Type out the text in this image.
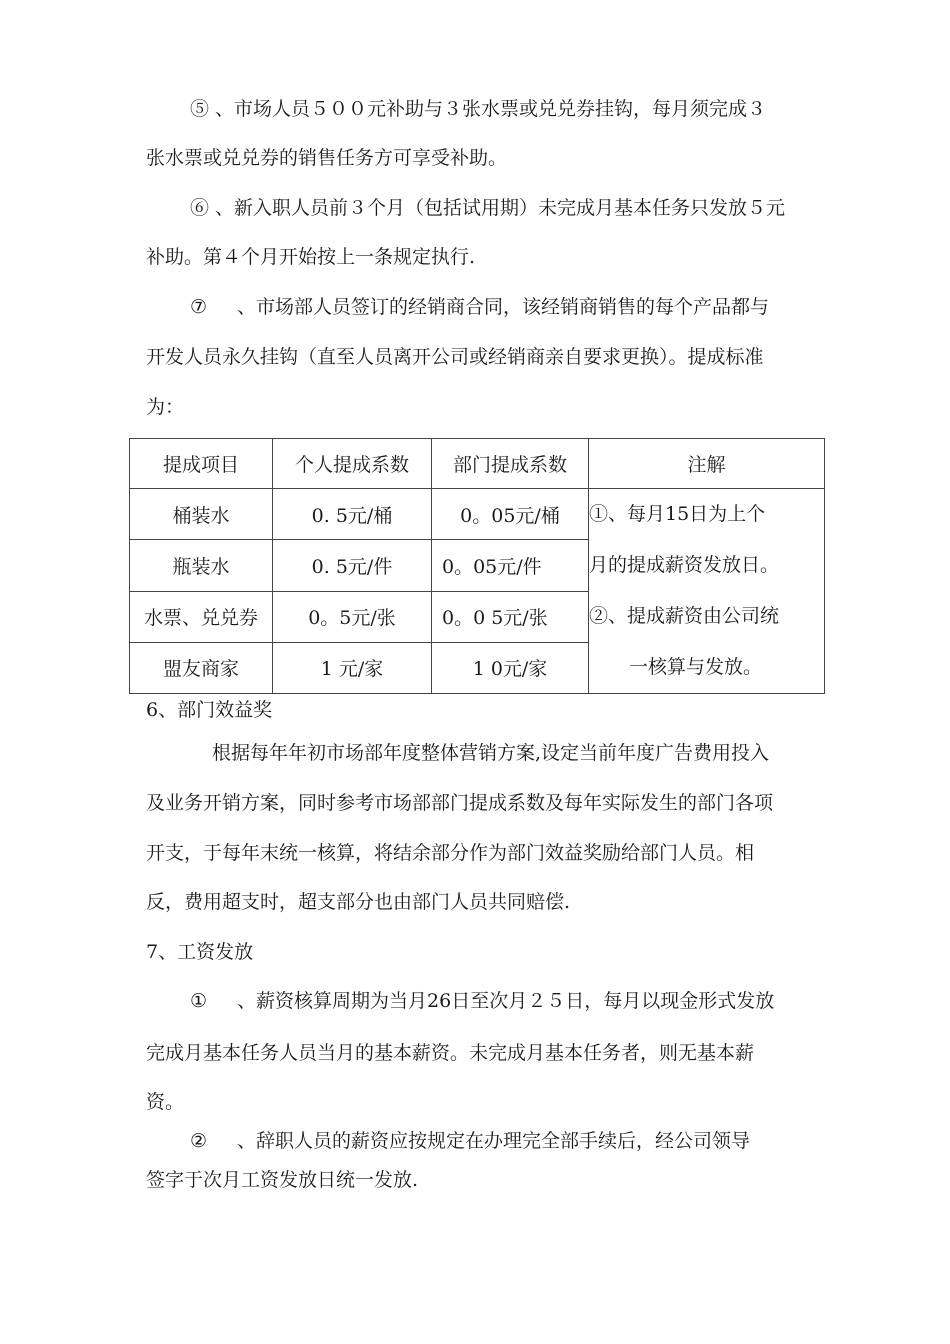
⑤ 、市场人员５００元补助与３张水票或兑兑券挂钩，每月须完成３
张水票或兑兑券的销售任务方可享受补助。
⑥ 、新入职人员前３个月（包括试用期）未完成月基本任务只发放５元
补助。第４个月开始按上一条规定执行.
⑦ 、市场部人员签订的经销商合同，该经销商销售的每个产品都与
开发人员永久挂钩（直至人员离开公司或经销商亲自要求更换）。提成标准
为：
提成项目	个人提成系数	部门提成系数	注解
桶装水	0. 5元/桶	0。05元/桶	①、每月15日为上个
月的提成薪资发放日。
②、提成薪资由公司统
一核算与发放。

瓶装水	0. 5元/件	0。05元/件	
水票、兑兑券	0。5元/张	0。0 5元/张	
盟友商家	1 元/家	1 0元/家	
6、部门效益奖
根据每年年初市场部年度整体营销方案,设定当前年度广告费用投入
及业务开销方案，同时参考市场部部门提成系数及每年实际发生的部门各项
开支，于每年末统一核算，将结余部分作为部门效益奖励给部门人员。相
反，费用超支时，超支部分也由部门人员共同赔偿.
7、工资发放
① 、薪资核算周期为当月26日至次月２５日，每月以现金形式发放
完成月基本任务人员当月的基本薪资。未完成月基本任务者，则无基本薪
资。
② 、辞职人员的薪资应按规定在办理完全部手续后，经公司领导
签字于次月工资发放日统一发放.
